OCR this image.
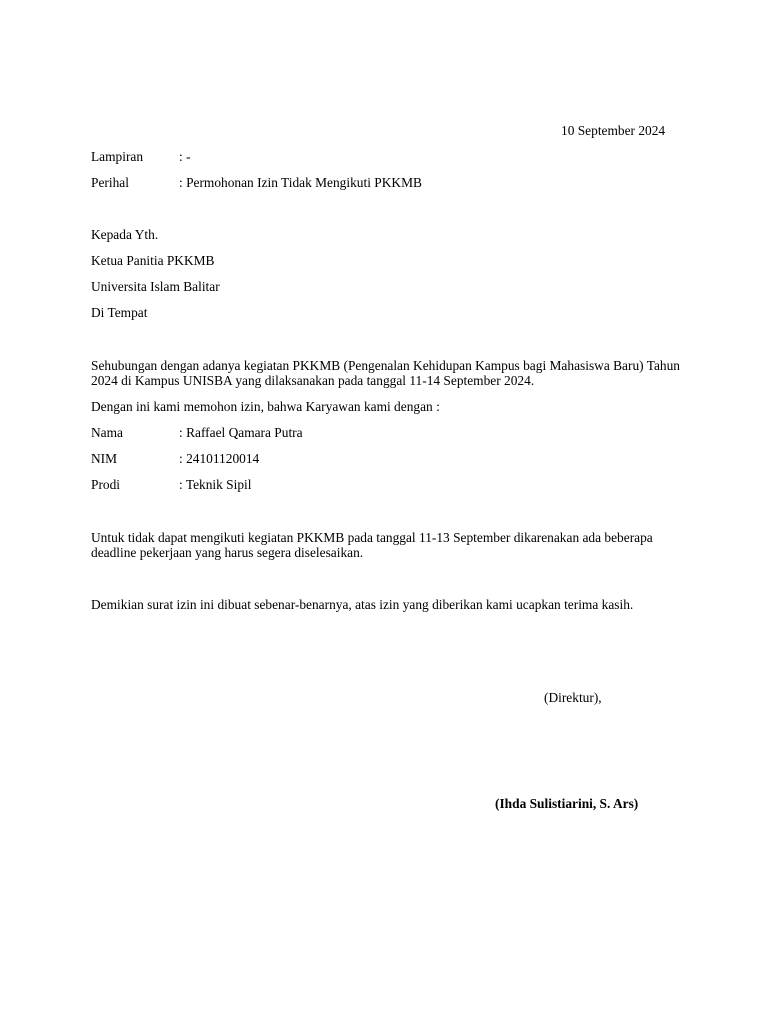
10 September 2024
Lampiran	: -
Perihal	: Permohonan Izin Tidak Mengikuti PKKMB
Kepada Yth.
Ketua Panitia PKKMB
Universita Islam Balitar
Di Tempat
Sehubungan dengan adanya kegiatan PKKMB (Pengenalan Kehidupan Kampus bagi Mahasiswa Baru) Tahun 2024 di Kampus UNISBA yang dilaksanakan pada tanggal 11-14 September 2024.
Dengan ini kami memohon izin, bahwa Karyawan kami dengan :
Nama	: Raffael Qamara Putra
NIM	: 24101120014
Prodi	: Teknik Sipil
Untuk tidak dapat mengikuti kegiatan PKKMB pada tanggal 11-13 September dikarenakan ada beberapa deadline pekerjaan yang harus segera diselesaikan.
Demikian surat izin ini dibuat sebenar-benarnya, atas izin yang diberikan kami ucapkan terima kasih.
(Direktur),
(Ihda Sulistiarini, S. Ars)
